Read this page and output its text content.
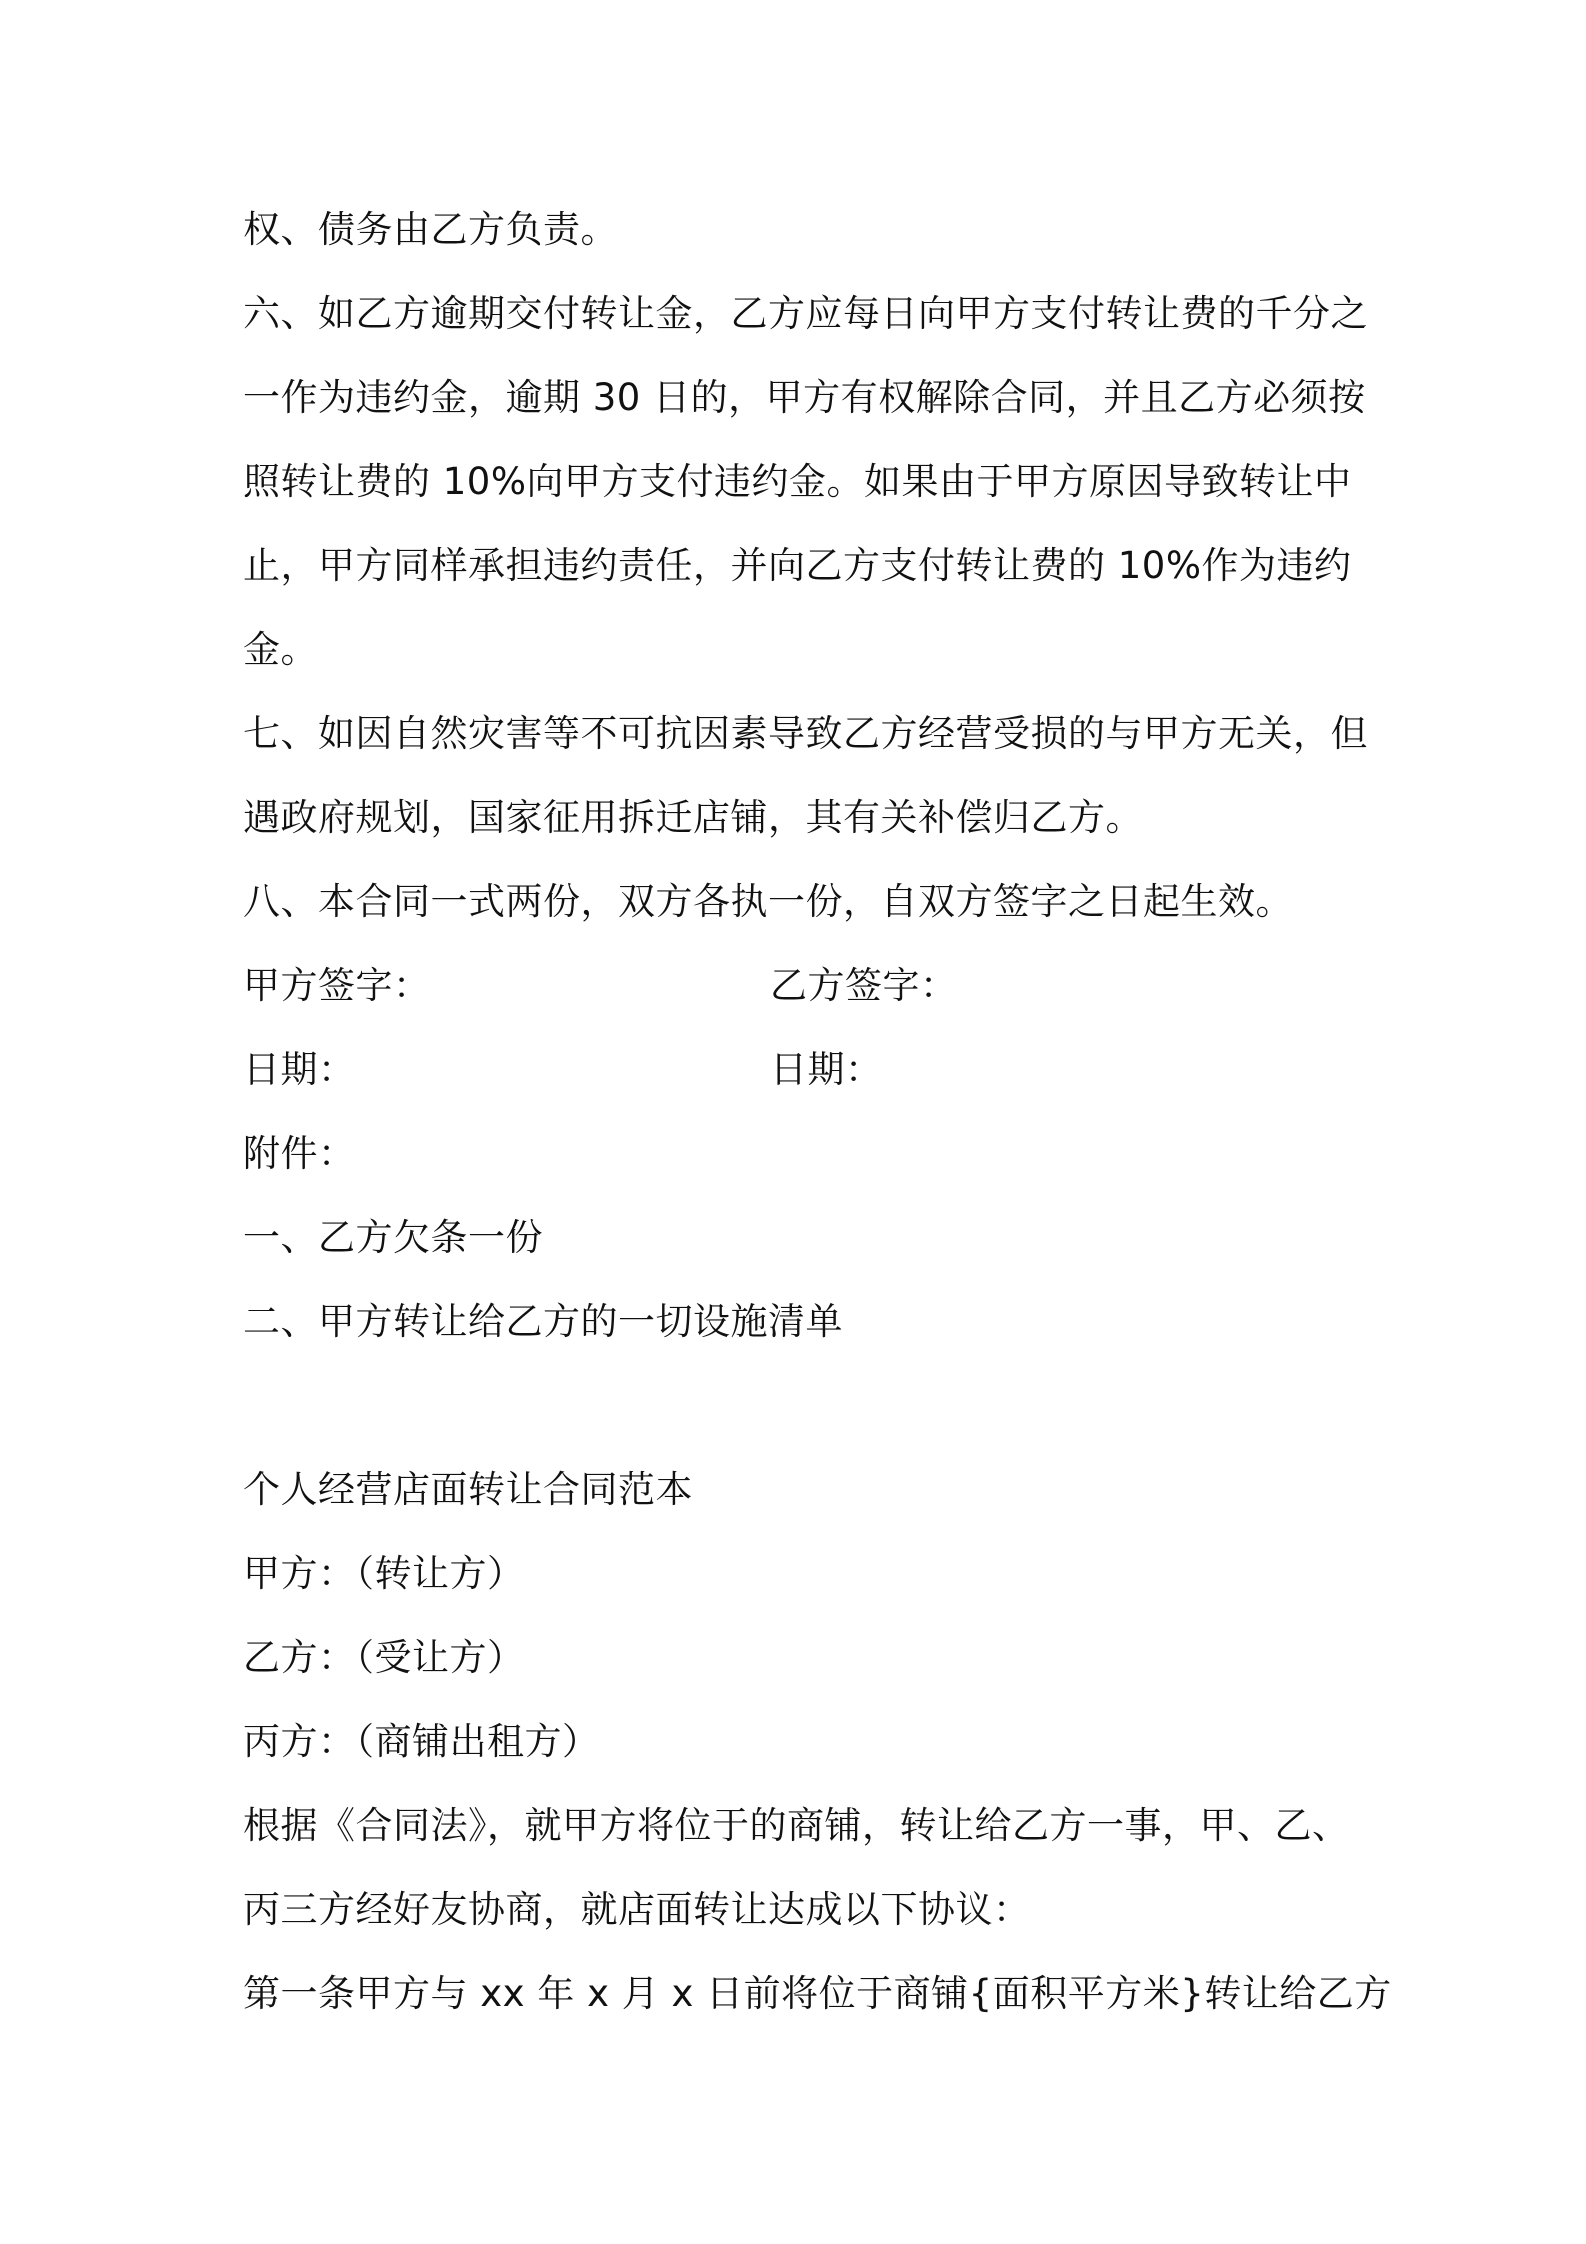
权、债务由乙方负责。
六、如乙方逾期交付转让金，乙方应每日向甲方支付转让费的千分之
一作为违约金，逾期 30 日的，甲方有权解除合同，并且乙方必须按
照转让费的 10%向甲方支付违约金。如果由于甲方原因导致转让中
止，甲方同样承担违约责任，并向乙方支付转让费的 10%作为违约
金。
七、如因自然灾害等不可抗因素导致乙方经营受损的与甲方无关，但
遇政府规划，国家征用拆迁店铺，其有关补偿归乙方。
八、本合同一式两份，双方各执一份，自双方签字之日起生效。
甲方签字：	乙方签字：
日期：	日期：
附件：
一、乙方欠条一份
二、甲方转让给乙方的一切设施清单
个人经营店面转让合同范本
甲方：（转让方）
乙方：（受让方）
丙方：（商铺出租方）
根据《合同法》，就甲方将位于的商铺，转让给乙方一事，甲、乙、
丙三方经好友协商，就店面转让达成以下协议：
第一条甲方与 xx 年 x 月 x 日前将位于商铺{面积平方米}转让给乙方
